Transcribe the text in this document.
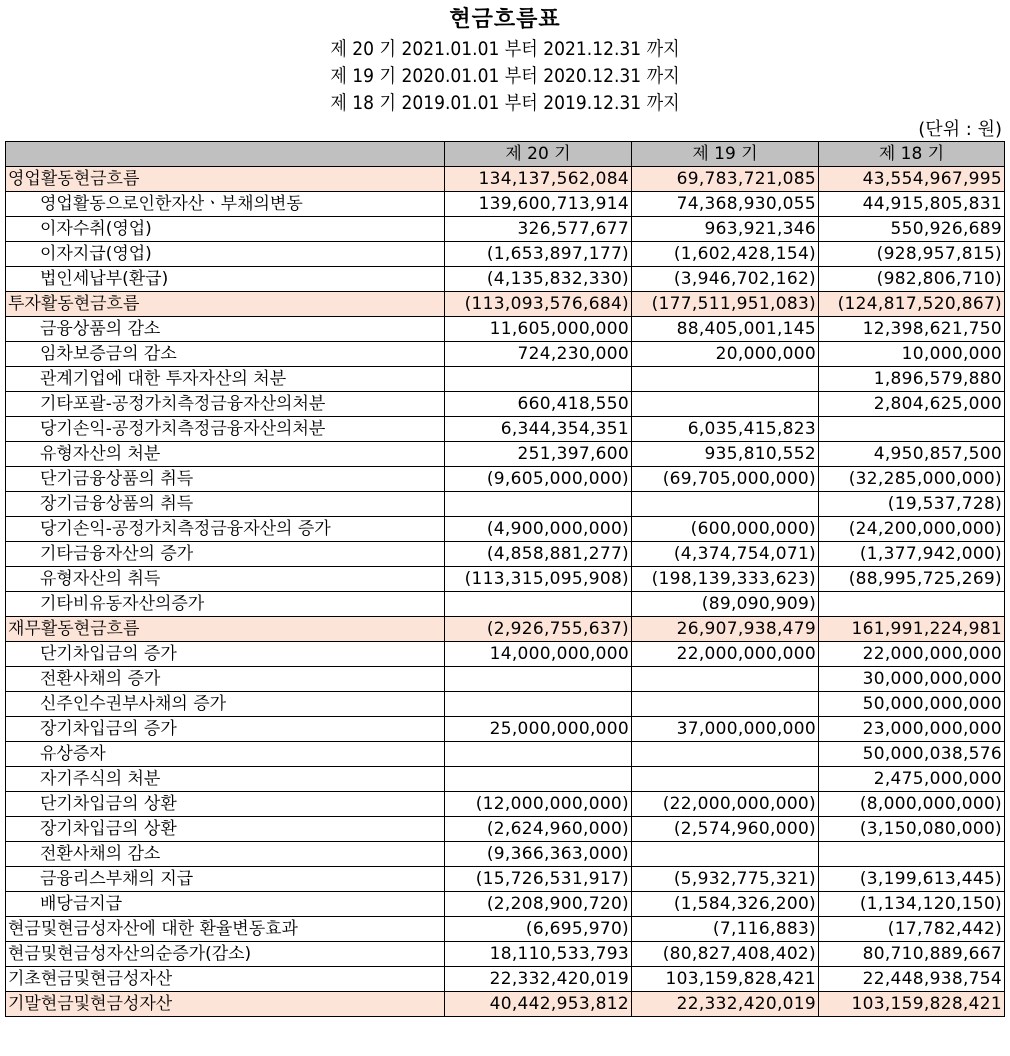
현금흐름표
제 20 기 2021.01.01 부터 2021.12.31 까지
제 19 기 2020.01.01 부터 2020.12.31 까지
제 18 기 2019.01.01 부터 2019.12.31 까지
(단위 : 원)
	제 20 기	제 19 기	제 18 기
영업활동현금흐름	134,137,562,084	69,783,721,085	43,554,967,995
영업활동으로인한자산ㆍ부채의변동	139,600,713,914	74,368,930,055	44,915,805,831
이자수취(영업)	326,577,677	963,921,346	550,926,689
이자지급(영업)	(1,653,897,177)	(1,602,428,154)	(928,957,815)
법인세납부(환급)	(4,135,832,330)	(3,946,702,162)	(982,806,710)
투자활동현금흐름	(113,093,576,684)	(177,511,951,083)	(124,817,520,867)
금융상품의 감소	11,605,000,000	88,405,001,145	12,398,621,750
임차보증금의 감소	724,230,000	20,000,000	10,000,000
관계기업에 대한 투자자산의 처분			1,896,579,880
기타포괄-공정가치측정금융자산의처분	660,418,550		2,804,625,000
당기손익-공정가치측정금융자산의처분	6,344,354,351	6,035,415,823	
유형자산의 처분	251,397,600	935,810,552	4,950,857,500
단기금융상품의 취득	(9,605,000,000)	(69,705,000,000)	(32,285,000,000)
장기금융상품의 취득			(19,537,728)
당기손익-공정가치측정금융자산의 증가	(4,900,000,000)	(600,000,000)	(24,200,000,000)
기타금융자산의 증가	(4,858,881,277)	(4,374,754,071)	(1,377,942,000)
유형자산의 취득	(113,315,095,908)	(198,139,333,623)	(88,995,725,269)
기타비유동자산의증가		(89,090,909)	
재무활동현금흐름	(2,926,755,637)	26,907,938,479	161,991,224,981
단기차입금의 증가	14,000,000,000	22,000,000,000	22,000,000,000
전환사채의 증가			30,000,000,000
신주인수권부사채의 증가			50,000,000,000
장기차입금의 증가	25,000,000,000	37,000,000,000	23,000,000,000
유상증자			50,000,038,576
자기주식의 처분			2,475,000,000
단기차입금의 상환	(12,000,000,000)	(22,000,000,000)	(8,000,000,000)
장기차입금의 상환	(2,624,960,000)	(2,574,960,000)	(3,150,080,000)
전환사채의 감소	(9,366,363,000)		
금융리스부채의 지급	(15,726,531,917)	(5,932,775,321)	(3,199,613,445)
배당금지급	(2,208,900,720)	(1,584,326,200)	(1,134,120,150)
현금및현금성자산에 대한 환율변동효과	(6,695,970)	(7,116,883)	(17,782,442)
현금및현금성자산의순증가(감소)	18,110,533,793	(80,827,408,402)	80,710,889,667
기초현금및현금성자산	22,332,420,019	103,159,828,421	22,448,938,754
기말현금및현금성자산	40,442,953,812	22,332,420,019	103,159,828,421
